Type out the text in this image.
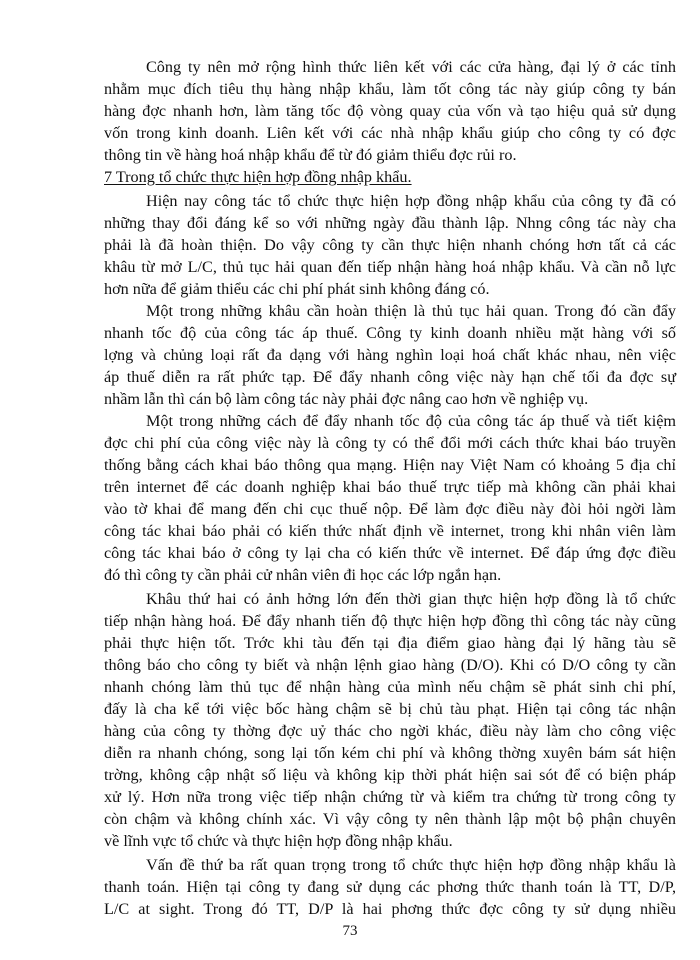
Công ty nên mở rộng hình thức liên kết với các cửa hàng, đại lý ở các tỉnh
nhằm mục đích tiêu thụ hàng nhập khẩu, làm tốt công tác này giúp công ty bán
hàng đợc nhanh hơn, làm tăng tốc độ vòng quay của vốn và tạo hiệu quả sử dụng
vốn trong kinh doanh. Liên kết với các nhà nhập khẩu giúp cho công ty có đợc
thông tin về hàng hoá nhập khẩu để từ đó giảm thiểu đợc rủi ro.
7 Trong tổ chức thực hiện hợp đồng nhập khẩu.
Hiện nay công tác tổ chức thực hiện hợp đồng nhập khẩu của công ty đã có
những thay đổi đáng kể so với những ngày đầu thành lập. Nhng công tác này cha
phải là đã hoàn thiện. Do vậy công ty cần thực hiện nhanh chóng hơn tất cả các
khâu từ mở L/C, thủ tục hải quan đến tiếp nhận hàng hoá nhập khẩu. Và cần nỗ lực
hơn nữa để giảm thiểu các chi phí phát sinh không đáng có.
Một trong những khâu cần hoàn thiện là thủ tục hải quan. Trong đó cần đẩy
nhanh tốc độ của công tác áp thuế. Công ty kinh doanh nhiều mặt hàng với số
lợng và chủng loại rất đa dạng với hàng nghìn loại hoá chất khác nhau, nên việc
áp thuế diễn ra rất phức tạp. Để đẩy nhanh công việc này hạn chế tối đa đợc sự
nhầm lẫn thì cán bộ làm công tác này phải đợc nâng cao hơn về nghiệp vụ.
Một trong những cách để đẩy nhanh tốc độ của công tác áp thuế và tiết kiệm
đợc chi phí của công việc này là công ty có thể đổi mới cách thức khai báo truyền
thống bằng cách khai báo thông qua mạng. Hiện nay Việt Nam có khoảng 5 địa chỉ
trên internet để các doanh nghiệp khai báo thuế trực tiếp mà không cần phải khai
vào tờ khai để mang đến chi cục thuế nộp. Để làm đợc điều này đòi hỏi ngời làm
công tác khai báo phải có kiến thức nhất định về internet, trong khi nhân viên làm
công tác khai báo ở công ty lại cha có kiến thức về internet. Để đáp ứng đợc điều
đó thì công ty cần phải cử nhân viên đi học các lớp ngắn hạn.
Khâu thứ hai có ảnh hởng lớn đến thời gian thực hiện hợp đồng là tổ chức
tiếp nhận hàng hoá. Để đẩy nhanh tiến độ thực hiện hợp đồng thì công tác này cũng
phải thực hiện tốt. Trớc khi tàu đến tại địa điểm giao hàng đại lý hãng tàu sẽ
thông báo cho công ty biết và nhận lệnh giao hàng (D/O). Khi có D/O công ty cần
nhanh chóng làm thủ tục để nhận hàng của mình nếu chậm sẽ phát sinh chi phí,
đấy là cha kể tới việc bốc hàng chậm sẽ bị chủ tàu phạt. Hiện tại công tác nhận
hàng của công ty thờng đợc uỷ thác cho ngời khác, điều này làm cho công việc
diễn ra nhanh chóng, song lại tốn kém chi phí và không thờng xuyên bám sát hiện
trờng, không cập nhật số liệu và không kịp thời phát hiện sai sót để có biện pháp
xử lý. Hơn nữa trong việc tiếp nhận chứng từ và kiểm tra chứng từ trong công ty
còn chậm và không chính xác. Vì vậy công ty nên thành lập một bộ phận chuyên
về lĩnh vực tổ chức và thực hiện hợp đồng nhập khẩu.
Vấn đề thứ ba rất quan trọng trong tổ chức thực hiện hợp đồng nhập khẩu là
thanh toán. Hiện tại công ty đang sử dụng các phơng thức thanh toán là TT, D/P,
L/C at sight. Trong đó TT, D/P là hai phơng thức đợc công ty sử dụng nhiều
73
